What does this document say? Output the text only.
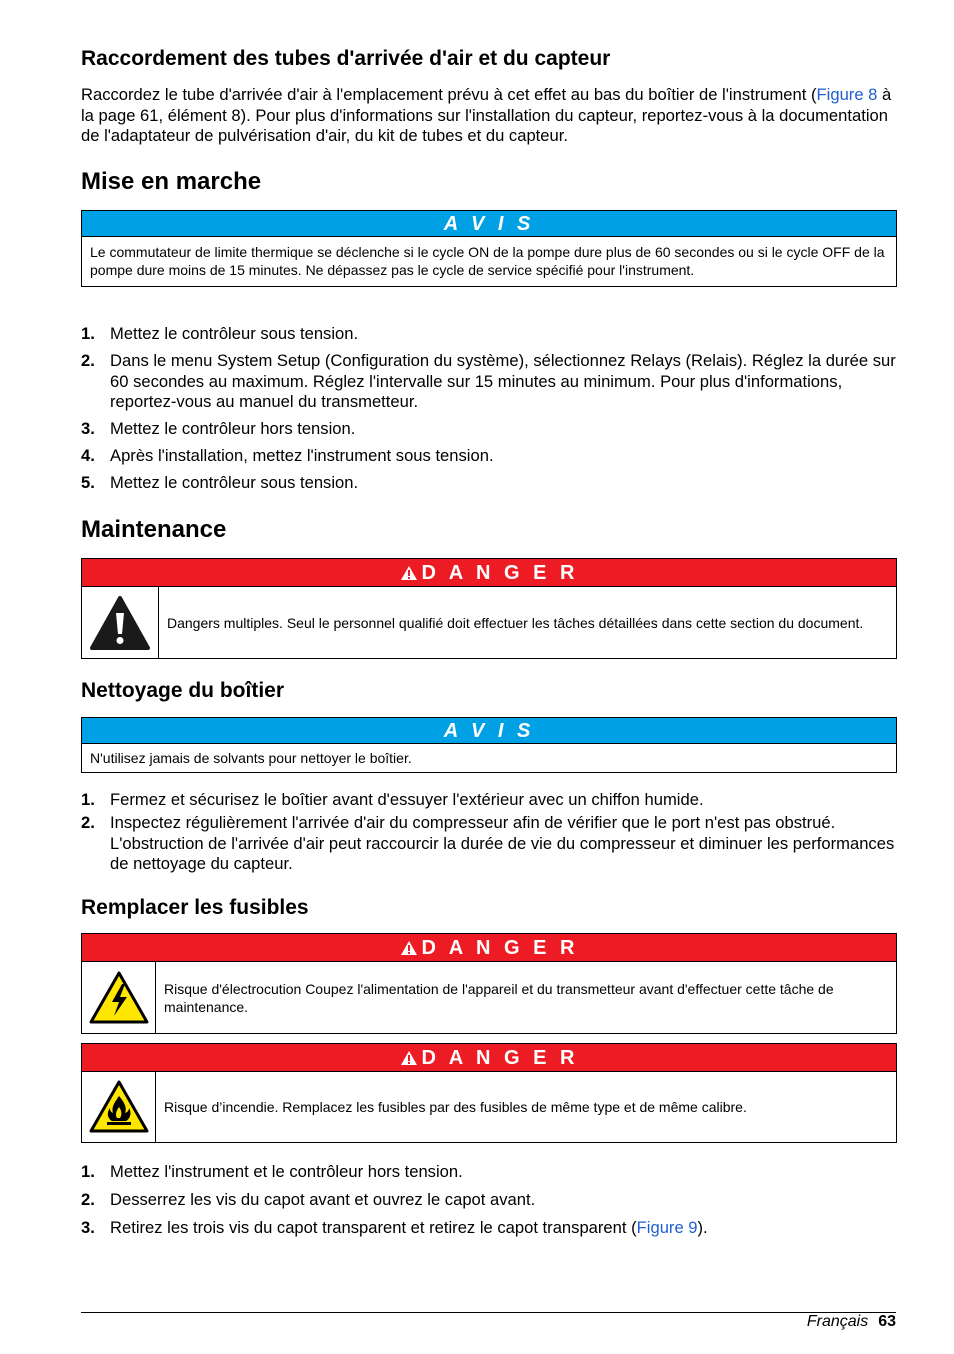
Raccordement des tubes d'arrivée d'air et du capteur

Raccordez le tube d'arrivée d'air à l'emplacement prévu à cet effet au bas du boîtier de l'instrument (Figure 8 à la page 61, élément 8). Pour plus d'informations sur l'installation du capteur, reportez-vous à la documentation de l'adaptateur de pulvérisation d'air, du kit de tubes et du capteur.

Mise en marche
A V I S
Le commutateur de limite thermique se déclenche si le cycle ON de la pompe dure plus de 60 secondes ou si le cycle OFF de la pompe dure moins de 15 minutes. Ne dépassez pas le cycle de service spécifié pour l'instrument.
1. Mettez le contrôleur sous tension.
2. Dans le menu System Setup (Configuration du système), sélectionnez Relays (Relais). Réglez la durée sur 60 secondes au maximum. Réglez l'intervalle sur 15 minutes au minimum. Pour plus d'informations, reportez-vous au manuel du transmetteur.
3. Mettez le contrôleur hors tension.
4. Après l'installation, mettez l'instrument sous tension.
5. Mettez le contrôleur sous tension.
Maintenance
D A N G E R
Dangers multiples. Seul le personnel qualifié doit effectuer les tâches détaillées dans cette section du document.
Nettoyage du boîtier
A V I S
N'utilisez jamais de solvants pour nettoyer le boîtier.
1. Fermez et sécurisez le boîtier avant d'essuyer l'extérieur avec un chiffon humide.
2. Inspectez régulièrement l'arrivée d'air du compresseur afin de vérifier que le port n'est pas obstrué. L'obstruction de l'arrivée d'air peut raccourcir la durée de vie du compresseur et diminuer les performances de nettoyage du capteur.
Remplacer les fusibles
D A N G E R
Risque d'électrocution Coupez l'alimentation de l'appareil et du transmetteur avant d'effectuer cette tâche de maintenance.
D A N G E R
Risque d’incendie. Remplacez les fusibles par des fusibles de même type et de même calibre.
1. Mettez l'instrument et le contrôleur hors tension.
2. Desserrez les vis du capot avant et ouvrez le capot avant.
3. Retirez les trois vis du capot transparent et retirez le capot transparent (Figure 9).
Français 63
